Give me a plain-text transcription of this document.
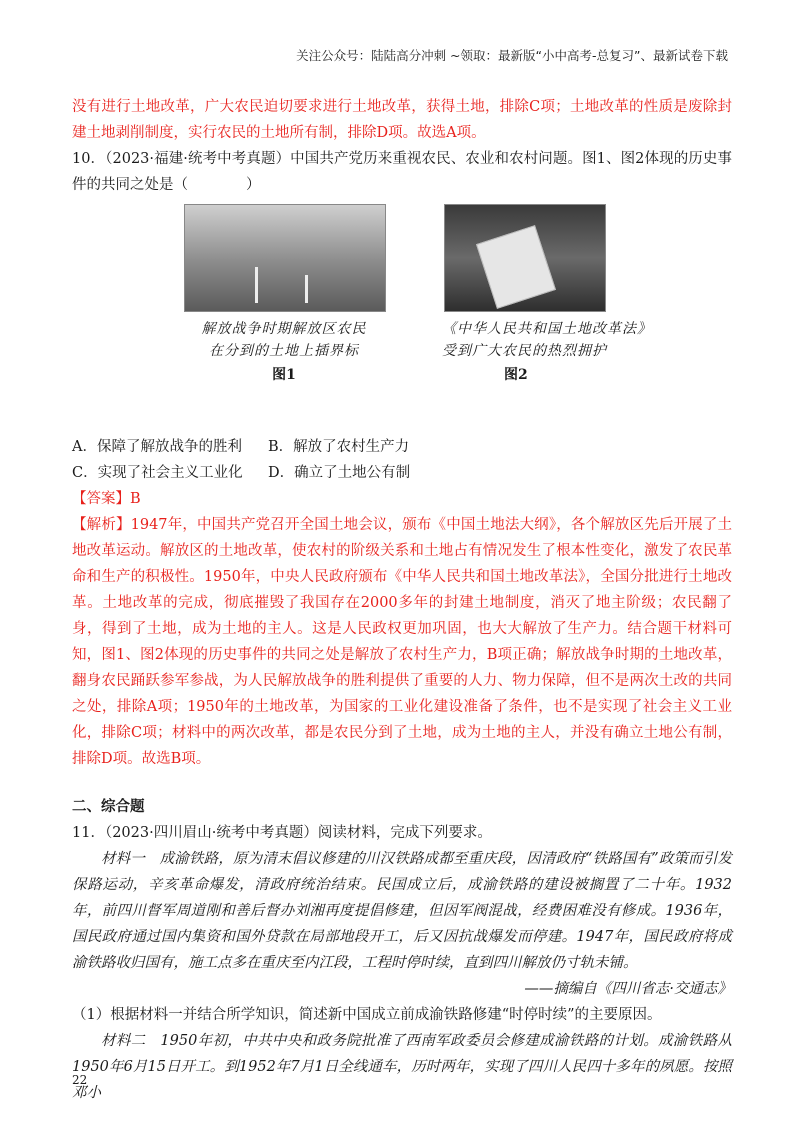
关注公众号：陆陆高分冲刺 ~领取：最新版“小中高考-总复习”、最新试卷下载

没有进行土地改革，广大农民迫切要求进行土地改革，获得土地，排除C项；土地改革的性质是废除封建土地剥削制度，实行农民的土地所有制，排除D项。故选A项。

10．（2023·福建·统考中考真题）中国共产党历来重视农民、农业和农村问题。图1、图2体现的历史事件的共同之处是（　　　　）

解放战争时期解放区农民
在分到的土地上插界标
图1
《中华人民共和国土地改革法》
受到广大农民的热烈拥护
图2
A．保障了解放战争的胜利 B．解放了农村生产力
C．实现了社会主义工业化 D．确立了土地公有制

【答案】B

【解析】1947年，中国共产党召开全国土地会议，颁布《中国土地法大纲》，各个解放区先后开展了土地改革运动。解放区的土地改革，使农村的阶级关系和土地占有情况发生了根本性变化，激发了农民革命和生产的积极性。1950年，中央人民政府颁布《中华人民共和国土地改革法》，全国分批进行土地改革。土地改革的完成，彻底摧毁了我国存在2000多年的封建土地制度，消灭了地主阶级；农民翻了身，得到了土地，成为土地的主人。这是人民政权更加巩固，也大大解放了生产力。结合题干材料可知，图1、图2体现的历史事件的共同之处是解放了农村生产力，B项正确；解放战争时期的土地改革，翻身农民踊跃参军参战，为人民解放战争的胜利提供了重要的人力、物力保障，但不是两次土改的共同之处，排除A项；1950年的土地改革，为国家的工业化建设准备了条件，也不是实现了社会主义工业化，排除C项；材料中的两次改革，都是农民分到了土地，成为土地的主人，并没有确立土地公有制，排除D项。故选B项。

二、综合题

11．（2023·四川眉山·统考中考真题）阅读材料，完成下列要求。

材料一　成渝铁路，原为清末倡议修建的川汉铁路成都至重庆段，因清政府“铁路国有”政策而引发保路运动，辛亥革命爆发，清政府统治结束。民国成立后，成渝铁路的建设被搁置了二十年。1932年，前四川督军周道刚和善后督办刘湘再度提倡修建，但因军阀混战，经费困难没有修成。1936年，国民政府通过国内集资和国外贷款在局部地段开工，后又因抗战爆发而停建。1947年，国民政府将成渝铁路收归国有，施工点多在重庆至内江段，工程时停时续，直到四川解放仍寸轨未铺。

——摘编自《四川省志·交通志》

（1）根据材料一并结合所学知识，简述新中国成立前成渝铁路修建“时停时续”的主要原因。

材料二　1950年初，中共中央和政务院批准了西南军政委员会修建成渝铁路的计划。成渝铁路从1950年6月15日开工。到1952年7月1日全线通车，历时两年，实现了四川人民四十多年的夙愿。按照邓小

22
